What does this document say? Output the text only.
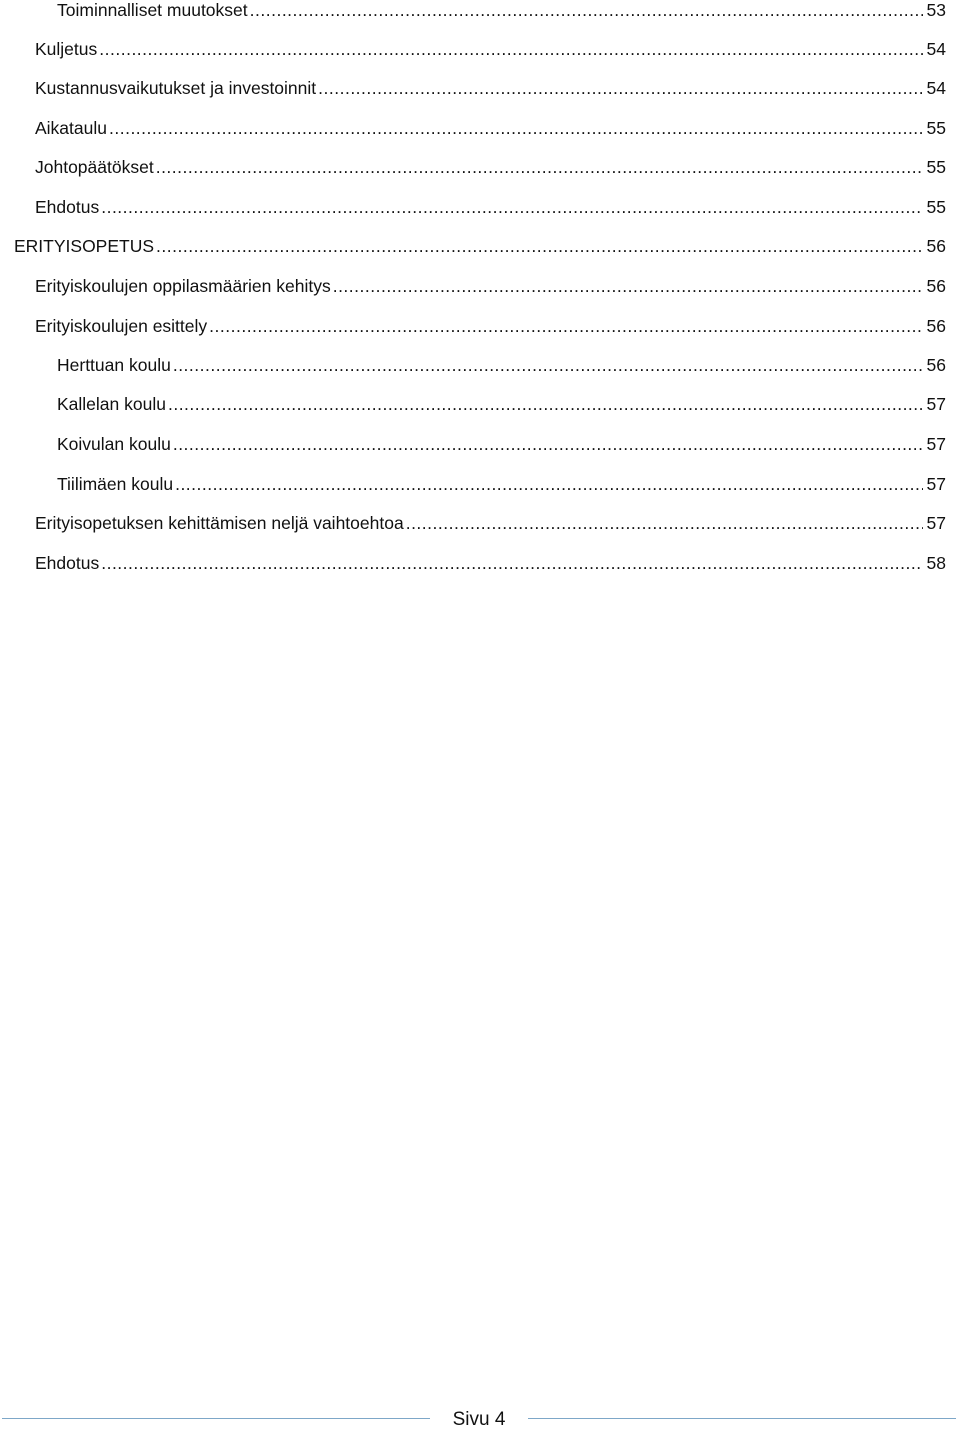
Toiminnalliset muutokset .....	53
Kuljetus .....	54
Kustannusvaikutukset ja investoinnit .....	54
Aikataulu .....	55
Johtopäätökset .....	55
Ehdotus .....	55
ERITYISOPETUS .....	56
Erityiskoulujen oppilasmäärien kehitys .....	56
Erityiskoulujen esittely .....	56
Herttuan koulu .....	56
Kallelan koulu .....	57
Koivulan koulu .....	57
Tiilimäen koulu .....	57
Erityisopetuksen kehittämisen neljä vaihtoehtoa .....	57
Ehdotus .....	58
Sivu 4
